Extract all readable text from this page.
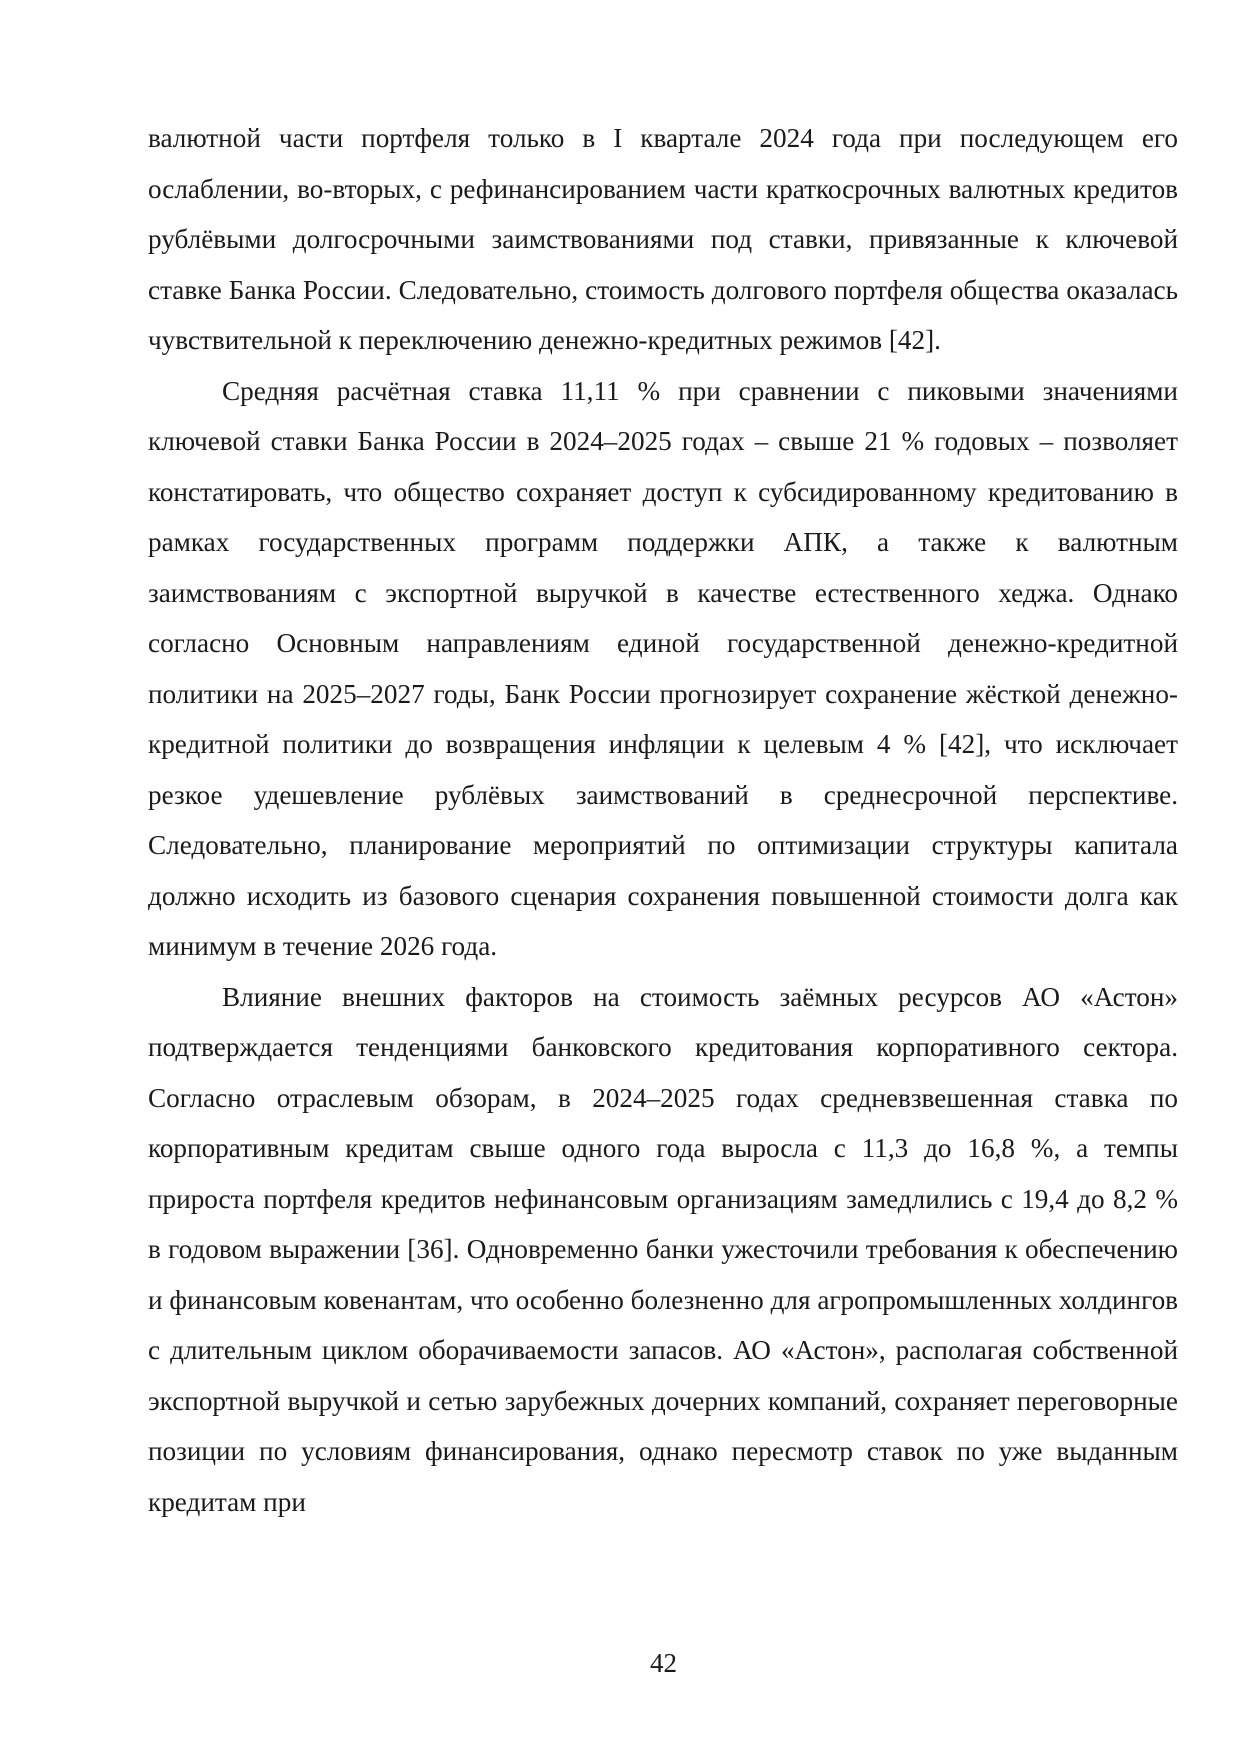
валютной части портфеля только в I квартале 2024 года при последующем его ослаблении, во-вторых, с рефинансированием части краткосрочных валютных кредитов рублёвыми долгосрочными заимствованиями под ставки, привязанные к ключевой ставке Банка России. Следовательно, стоимость долгового портфеля общества оказалась чувствительной к переключению денежно-кредитных режимов [42].

Средняя расчётная ставка 11,11 % при сравнении с пиковыми значениями ключевой ставки Банка России в 2024–2025 годах – свыше 21 % годовых – позволяет констатировать, что общество сохраняет доступ к субсидированному кредитованию в рамках государственных программ поддержки АПК, а также к валютным заимствованиям с экспортной выручкой в качестве естественного хеджа. Однако согласно Основным направлениям единой государственной денежно-кредитной политики на 2025–2027 годы, Банк России прогнозирует сохранение жёсткой денежно-кредитной политики до возвращения инфляции к целевым 4 % [42], что исключает резкое удешевление рублёвых заимствований в среднесрочной перспективе. Следовательно, планирование мероприятий по оптимизации структуры капитала должно исходить из базового сценария сохранения повышенной стоимости долга как минимум в течение 2026 года.

Влияние внешних факторов на стоимость заёмных ресурсов АО «Астон» подтверждается тенденциями банковского кредитования корпоративного сектора. Согласно отраслевым обзорам, в 2024–2025 годах средневзвешенная ставка по корпоративным кредитам свыше одного года выросла с 11,3 до 16,8 %, а темпы прироста портфеля кредитов нефинансовым организациям замедлились с 19,4 до 8,2 % в годовом выражении [36]. Одновременно банки ужесточили требования к обеспечению и финансовым ковенантам, что особенно болезненно для агропромышленных холдингов с длительным циклом оборачиваемости запасов. АО «Астон», располагая собственной экспортной выручкой и сетью зарубежных дочерних компаний, сохраняет переговорные позиции по условиям финансирования, однако пересмотр ставок по уже выданным кредитам при

42
